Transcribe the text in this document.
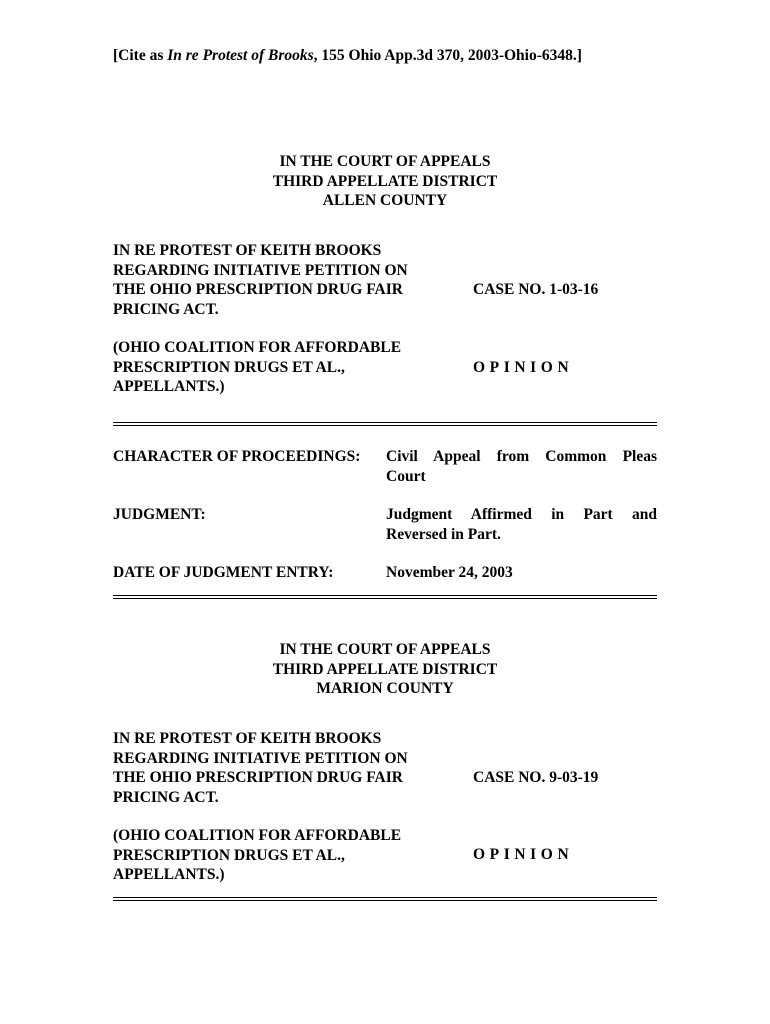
[Cite as In re Protest of Brooks, 155 Ohio App.3d 370, 2003-Ohio-6348.]
IN THE COURT OF APPEALS
THIRD APPELLATE DISTRICT
ALLEN COUNTY
IN RE PROTEST OF KEITH BROOKS
REGARDING INITIATIVE PETITION ON
THE OHIO PRESCRIPTION DRUG FAIR
PRICING ACT.
CASE NO. 1-03-16
(OHIO COALITION FOR AFFORDABLE
PRESCRIPTION DRUGS ET AL.,
APPELLANTS.)
OPINION
CHARACTER OF PROCEEDINGS: Civil Appeal from Common Pleas
Court
JUDGMENT:	Judgment Affirmed in Part and
Reversed in Part.
DATE OF JUDGMENT ENTRY:	November 24, 2003
IN THE COURT OF APPEALS
THIRD APPELLATE DISTRICT
MARION COUNTY
IN RE PROTEST OF KEITH BROOKS
REGARDING INITIATIVE PETITION ON
THE OHIO PRESCRIPTION DRUG FAIR
PRICING ACT.
CASE NO. 9-03-19
(OHIO COALITION FOR AFFORDABLE
PRESCRIPTION DRUGS ET AL.,
APPELLANTS.)
OPINION
